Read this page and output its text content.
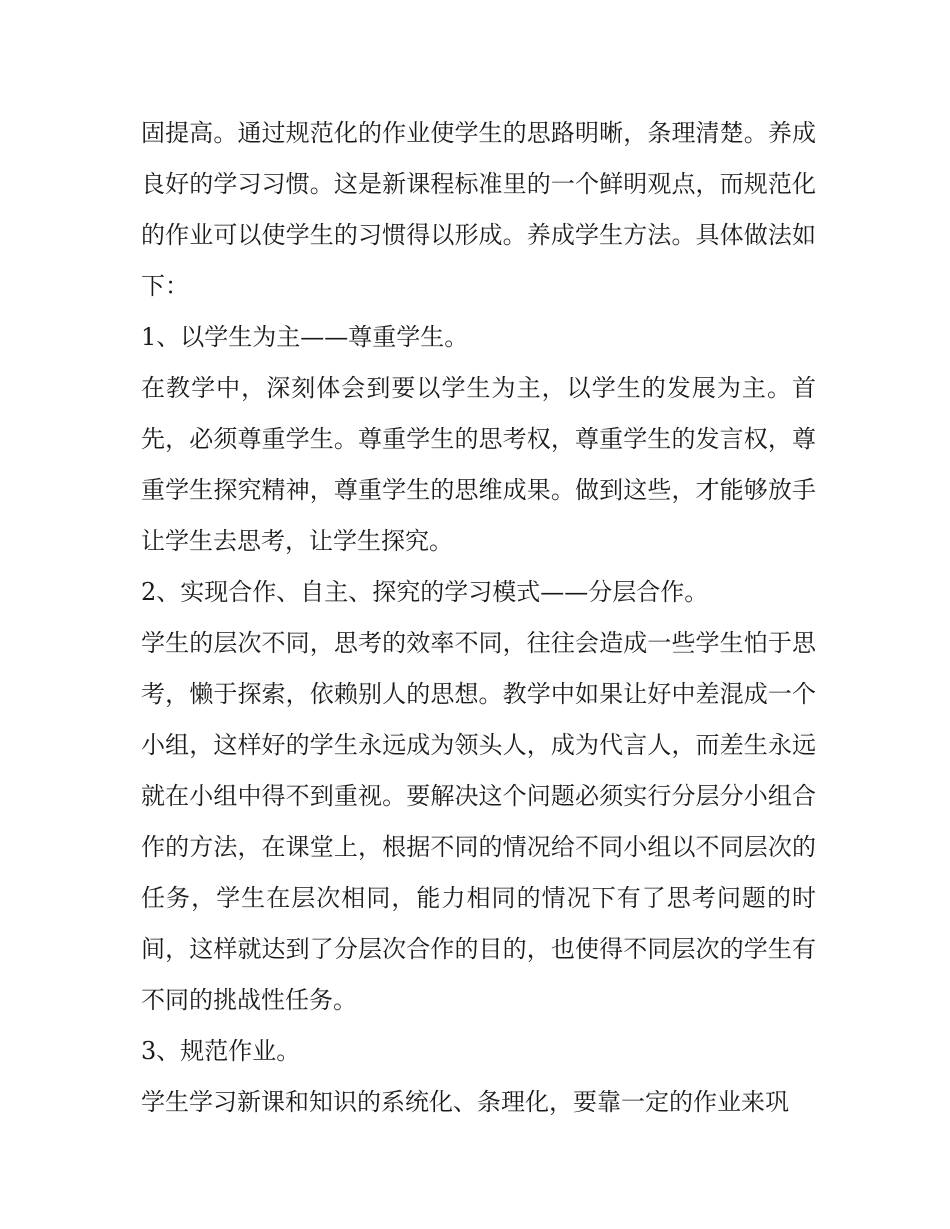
固提高。通过规范化的作业使学生的思路明晰，条理清楚。养成良好的学习习惯。这是新课程标准里的一个鲜明观点，而规范化的作业可以使学生的习惯得以形成。养成学生方法。具体做法如下：

1、以学生为主——尊重学生。

在教学中，深刻体会到要以学生为主，以学生的发展为主。首先，必须尊重学生。尊重学生的思考权，尊重学生的发言权，尊重学生探究精神，尊重学生的思维成果。做到这些，才能够放手让学生去思考，让学生探究。

2、实现合作、自主、探究的学习模式——分层合作。

学生的层次不同，思考的效率不同，往往会造成一些学生怕于思考，懒于探索，依赖别人的思想。教学中如果让好中差混成一个小组，这样好的学生永远成为领头人，成为代言人，而差生永远就在小组中得不到重视。要解决这个问题必须实行分层分小组合作的方法，在课堂上，根据不同的情况给不同小组以不同层次的任务，学生在层次相同，能力相同的情况下有了思考问题的时间，这样就达到了分层次合作的目的，也使得不同层次的学生有不同的挑战性任务。

3、规范作业。

学生学习新课和知识的系统化、条理化，要靠一定的作业来巩
